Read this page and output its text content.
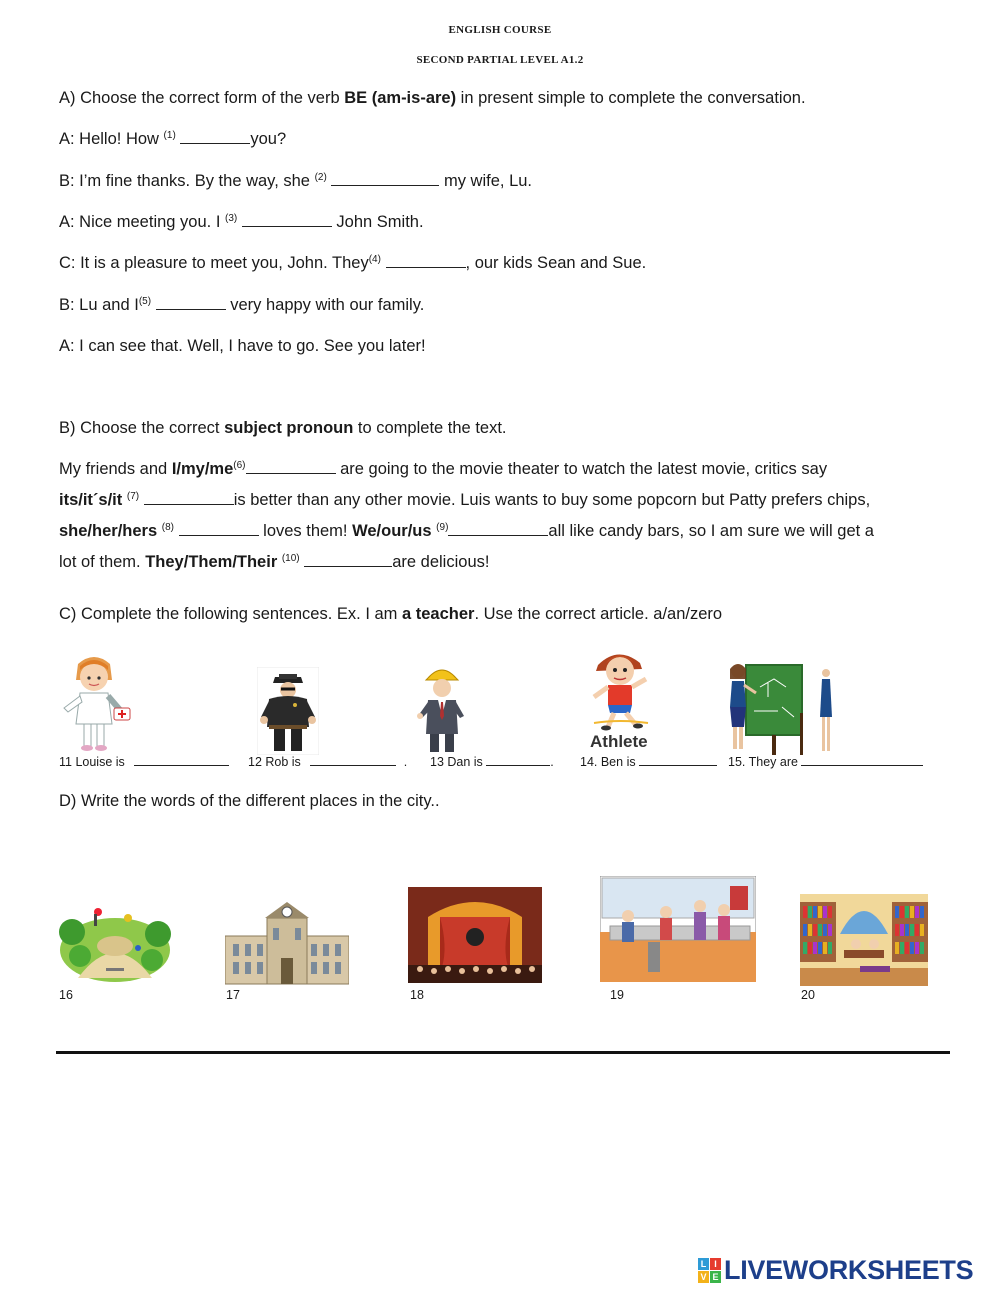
ENGLISH COURSE
SECOND PARTIAL LEVEL A1.2
A) Choose the correct form of the verb BE (am-is-are) in present simple to complete the conversation.
A: Hello! How $^{(1)}$	you?
B: I’m fine thanks. By the way, she $^{(2)}$	my wife, Lu.
A: Nice meeting you. I $^{(3)}$	John Smith.
C: It is a pleasure to meet you, John. They$^{(4)}$	, our kids Sean and Sue.
B: Lu and $I^{(5)}$	very happy with our family.
A: I can see that. Well, I have to go. See you later!
B) Choose the correct subject pronoun to complete the text.
My friends and $I/my/me^{(6)}$	are going to the movie theater to watch the latest movie, critics say
its/it´s/it $^{(7)}$	is better than any other movie. Luis wants to buy some popcorn but Patty prefers chips,
she/her/hers $^{(8)}$	loves them! We/our/us $^{(9)}$	all like candy bars, so I am sure we will get a
lot of them. They/Them/Their $^{(10)}$	are delicious!
C) Complete the following sentences. Ex. I am a teacher. Use the correct article. a/an/zero
Athlete
11 Louise is	12 Rob is	. 13 Dan is	. 14. Ben is	15. They are
D) Write the words of the different places in the city..
16	17	18	19	20
L I
V E LIVEWORKSHEETS
